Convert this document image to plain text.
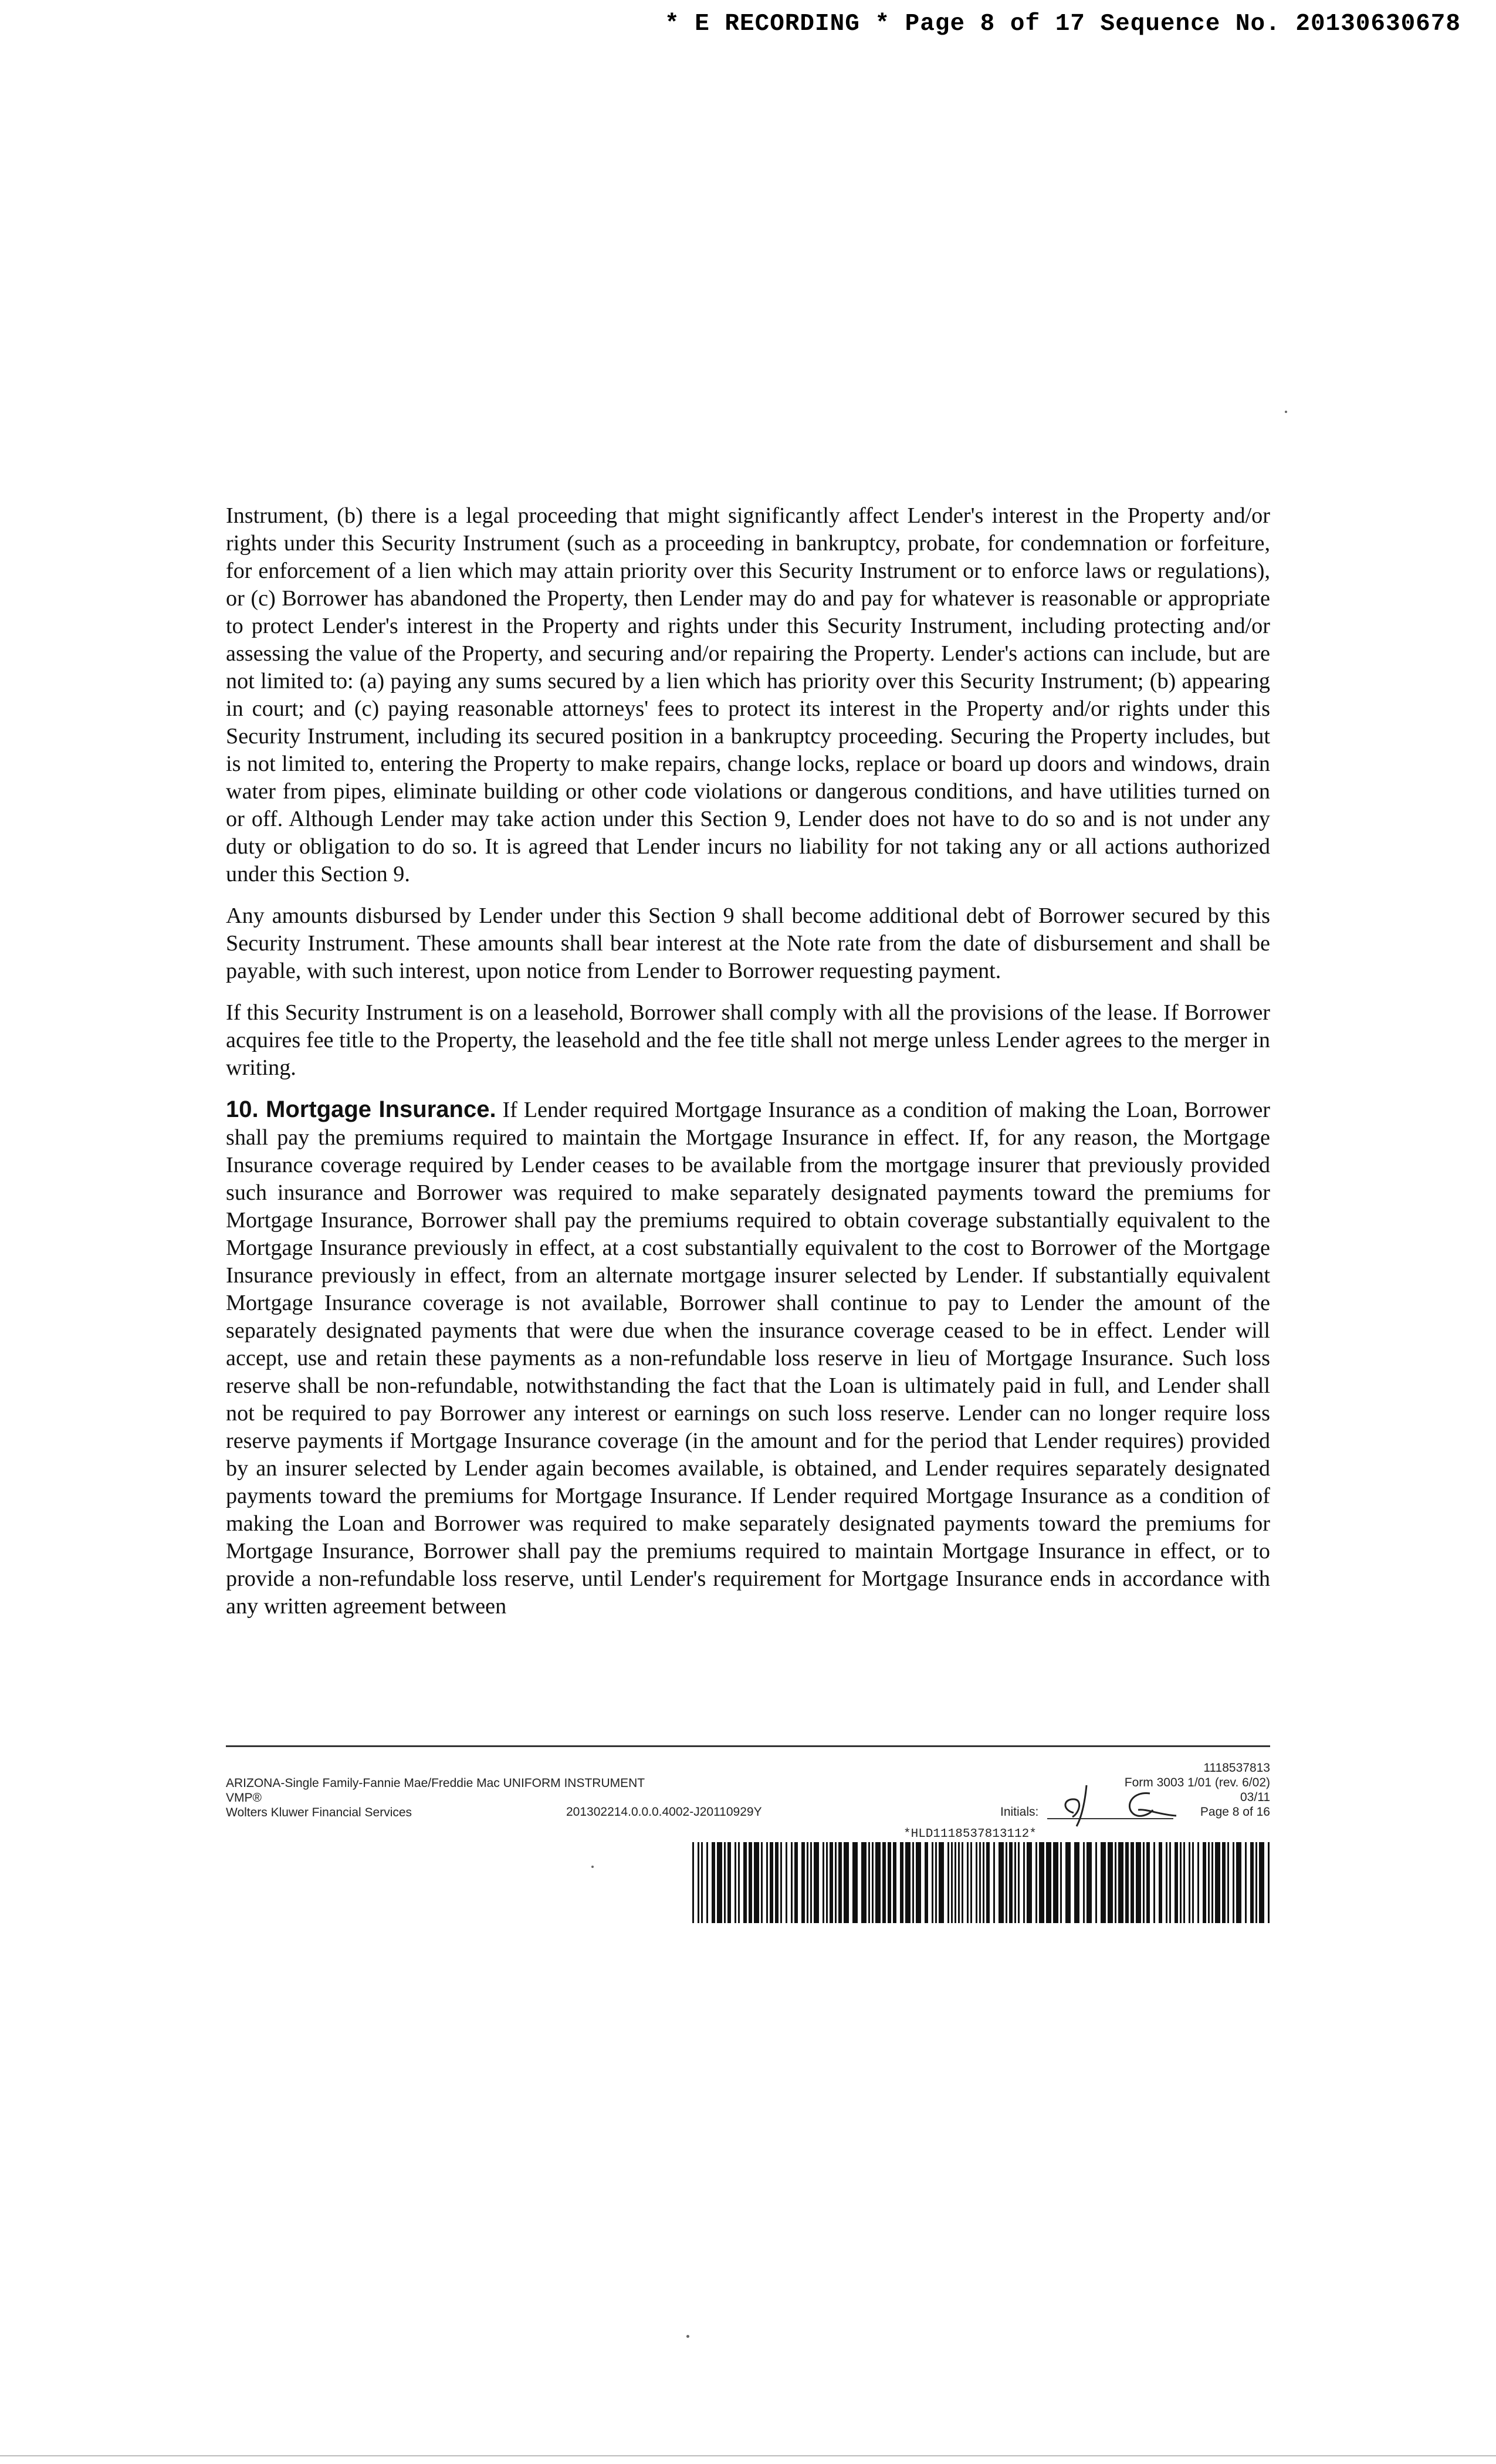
* E RECORDING * Page 8 of 17 Sequence No. 20130630678

Instrument, (b) there is a legal proceeding that might significantly affect Lender's interest in the Property and/or rights under this Security Instrument (such as a proceeding in bankruptcy, probate, for condemnation or forfeiture, for enforcement of a lien which may attain priority over this Security Instrument or to enforce laws or regulations), or (c) Borrower has abandoned the Property, then Lender may do and pay for whatever is reasonable or appropriate to protect Lender's interest in the Property and rights under this Security Instrument, including protecting and/or assessing the value of the Property, and securing and/or repairing the Property. Lender's actions can include, but are not limited to: (a) paying any sums secured by a lien which has priority over this Security Instrument; (b) appearing in court; and (c) paying reasonable attorneys' fees to protect its interest in the Property and/or rights under this Security Instrument, including its secured position in a bankruptcy proceeding. Securing the Property includes, but is not limited to, entering the Property to make repairs, change locks, replace or board up doors and windows, drain water from pipes, eliminate building or other code violations or dangerous conditions, and have utilities turned on or off. Although Lender may take action under this Section 9, Lender does not have to do so and is not under any duty or obligation to do so. It is agreed that Lender incurs no liability for not taking any or all actions authorized under this Section 9.

Any amounts disbursed by Lender under this Section 9 shall become additional debt of Borrower secured by this Security Instrument. These amounts shall bear interest at the Note rate from the date of disbursement and shall be payable, with such interest, upon notice from Lender to Borrower requesting payment.

If this Security Instrument is on a leasehold, Borrower shall comply with all the provisions of the lease. If Borrower acquires fee title to the Property, the leasehold and the fee title shall not merge unless Lender agrees to the merger in writing.

10. Mortgage Insurance. If Lender required Mortgage Insurance as a condition of making the Loan, Borrower shall pay the premiums required to maintain the Mortgage Insurance in effect. If, for any reason, the Mortgage Insurance coverage required by Lender ceases to be available from the mortgage insurer that previously provided such insurance and Borrower was required to make separately designated payments toward the premiums for Mortgage Insurance, Borrower shall pay the premiums required to obtain coverage substantially equivalent to the Mortgage Insurance previously in effect, at a cost substantially equivalent to the cost to Borrower of the Mortgage Insurance previously in effect, from an alternate mortgage insurer selected by Lender. If substantially equivalent Mortgage Insurance coverage is not available, Borrower shall continue to pay to Lender the amount of the separately designated payments that were due when the insurance coverage ceased to be in effect. Lender will accept, use and retain these payments as a non-refundable loss reserve in lieu of Mortgage Insurance. Such loss reserve shall be non-refundable, notwithstanding the fact that the Loan is ultimately paid in full, and Lender shall not be required to pay Borrower any interest or earnings on such loss reserve. Lender can no longer require loss reserve payments if Mortgage Insurance coverage (in the amount and for the period that Lender requires) provided by an insurer selected by Lender again becomes available, is obtained, and Lender requires separately designated payments toward the premiums for Mortgage Insurance. If Lender required Mortgage Insurance as a condition of making the Loan and Borrower was required to make separately designated payments toward the premiums for Mortgage Insurance, Borrower shall pay the premiums required to maintain Mortgage Insurance in effect, or to provide a non-refundable loss reserve, until Lender's requirement for Mortgage Insurance ends in accordance with any written agreement between

ARIZONA-Single Family-Fannie Mae/Freddie Mac UNIFORM INSTRUMENT
VMP®
Wolters Kluwer Financial Services	201302214.0.0.0.4002-J20110929Y
1118537813
Form 3003 1/01 (rev. 6/02)
03/11
Page 8 of 16
Initials:
*HLD1118537813112*
